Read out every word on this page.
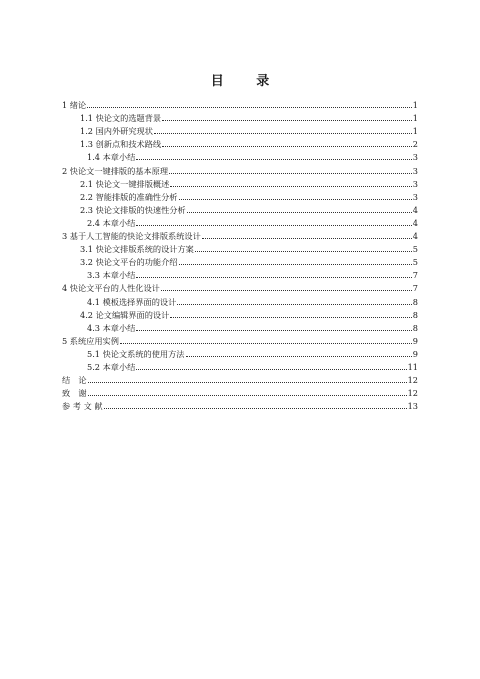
目 录
1 绪论	1
1.1 快论文的选题背景	1
1.2 国内外研究现状	1
1.3 创新点和技术路线	2
1.4 本章小结	3
2 快论文一键排版的基本原理	3
2.1 快论文一键排版概述	3
2.2 智能排版的准确性分析	3
2.3 快论文排版的快速性分析	4
2.4 本章小结	4
3 基于人工智能的快论文排版系统设计	4
3.1 快论文排版系统的设计方案	5
3.2 快论文平台的功能介绍	5
3.3 本章小结	7
4 快论文平台的人性化设计	7
4.1 模板选择界面的设计	8
4.2 论文编辑界面的设计	8
4.3 本章小结	8
5 系统应用实例	9
5.1 快论文系统的使用方法	9
5.2 本章小结	11
结　论	12
致　谢	12
参 考 文 献	13
